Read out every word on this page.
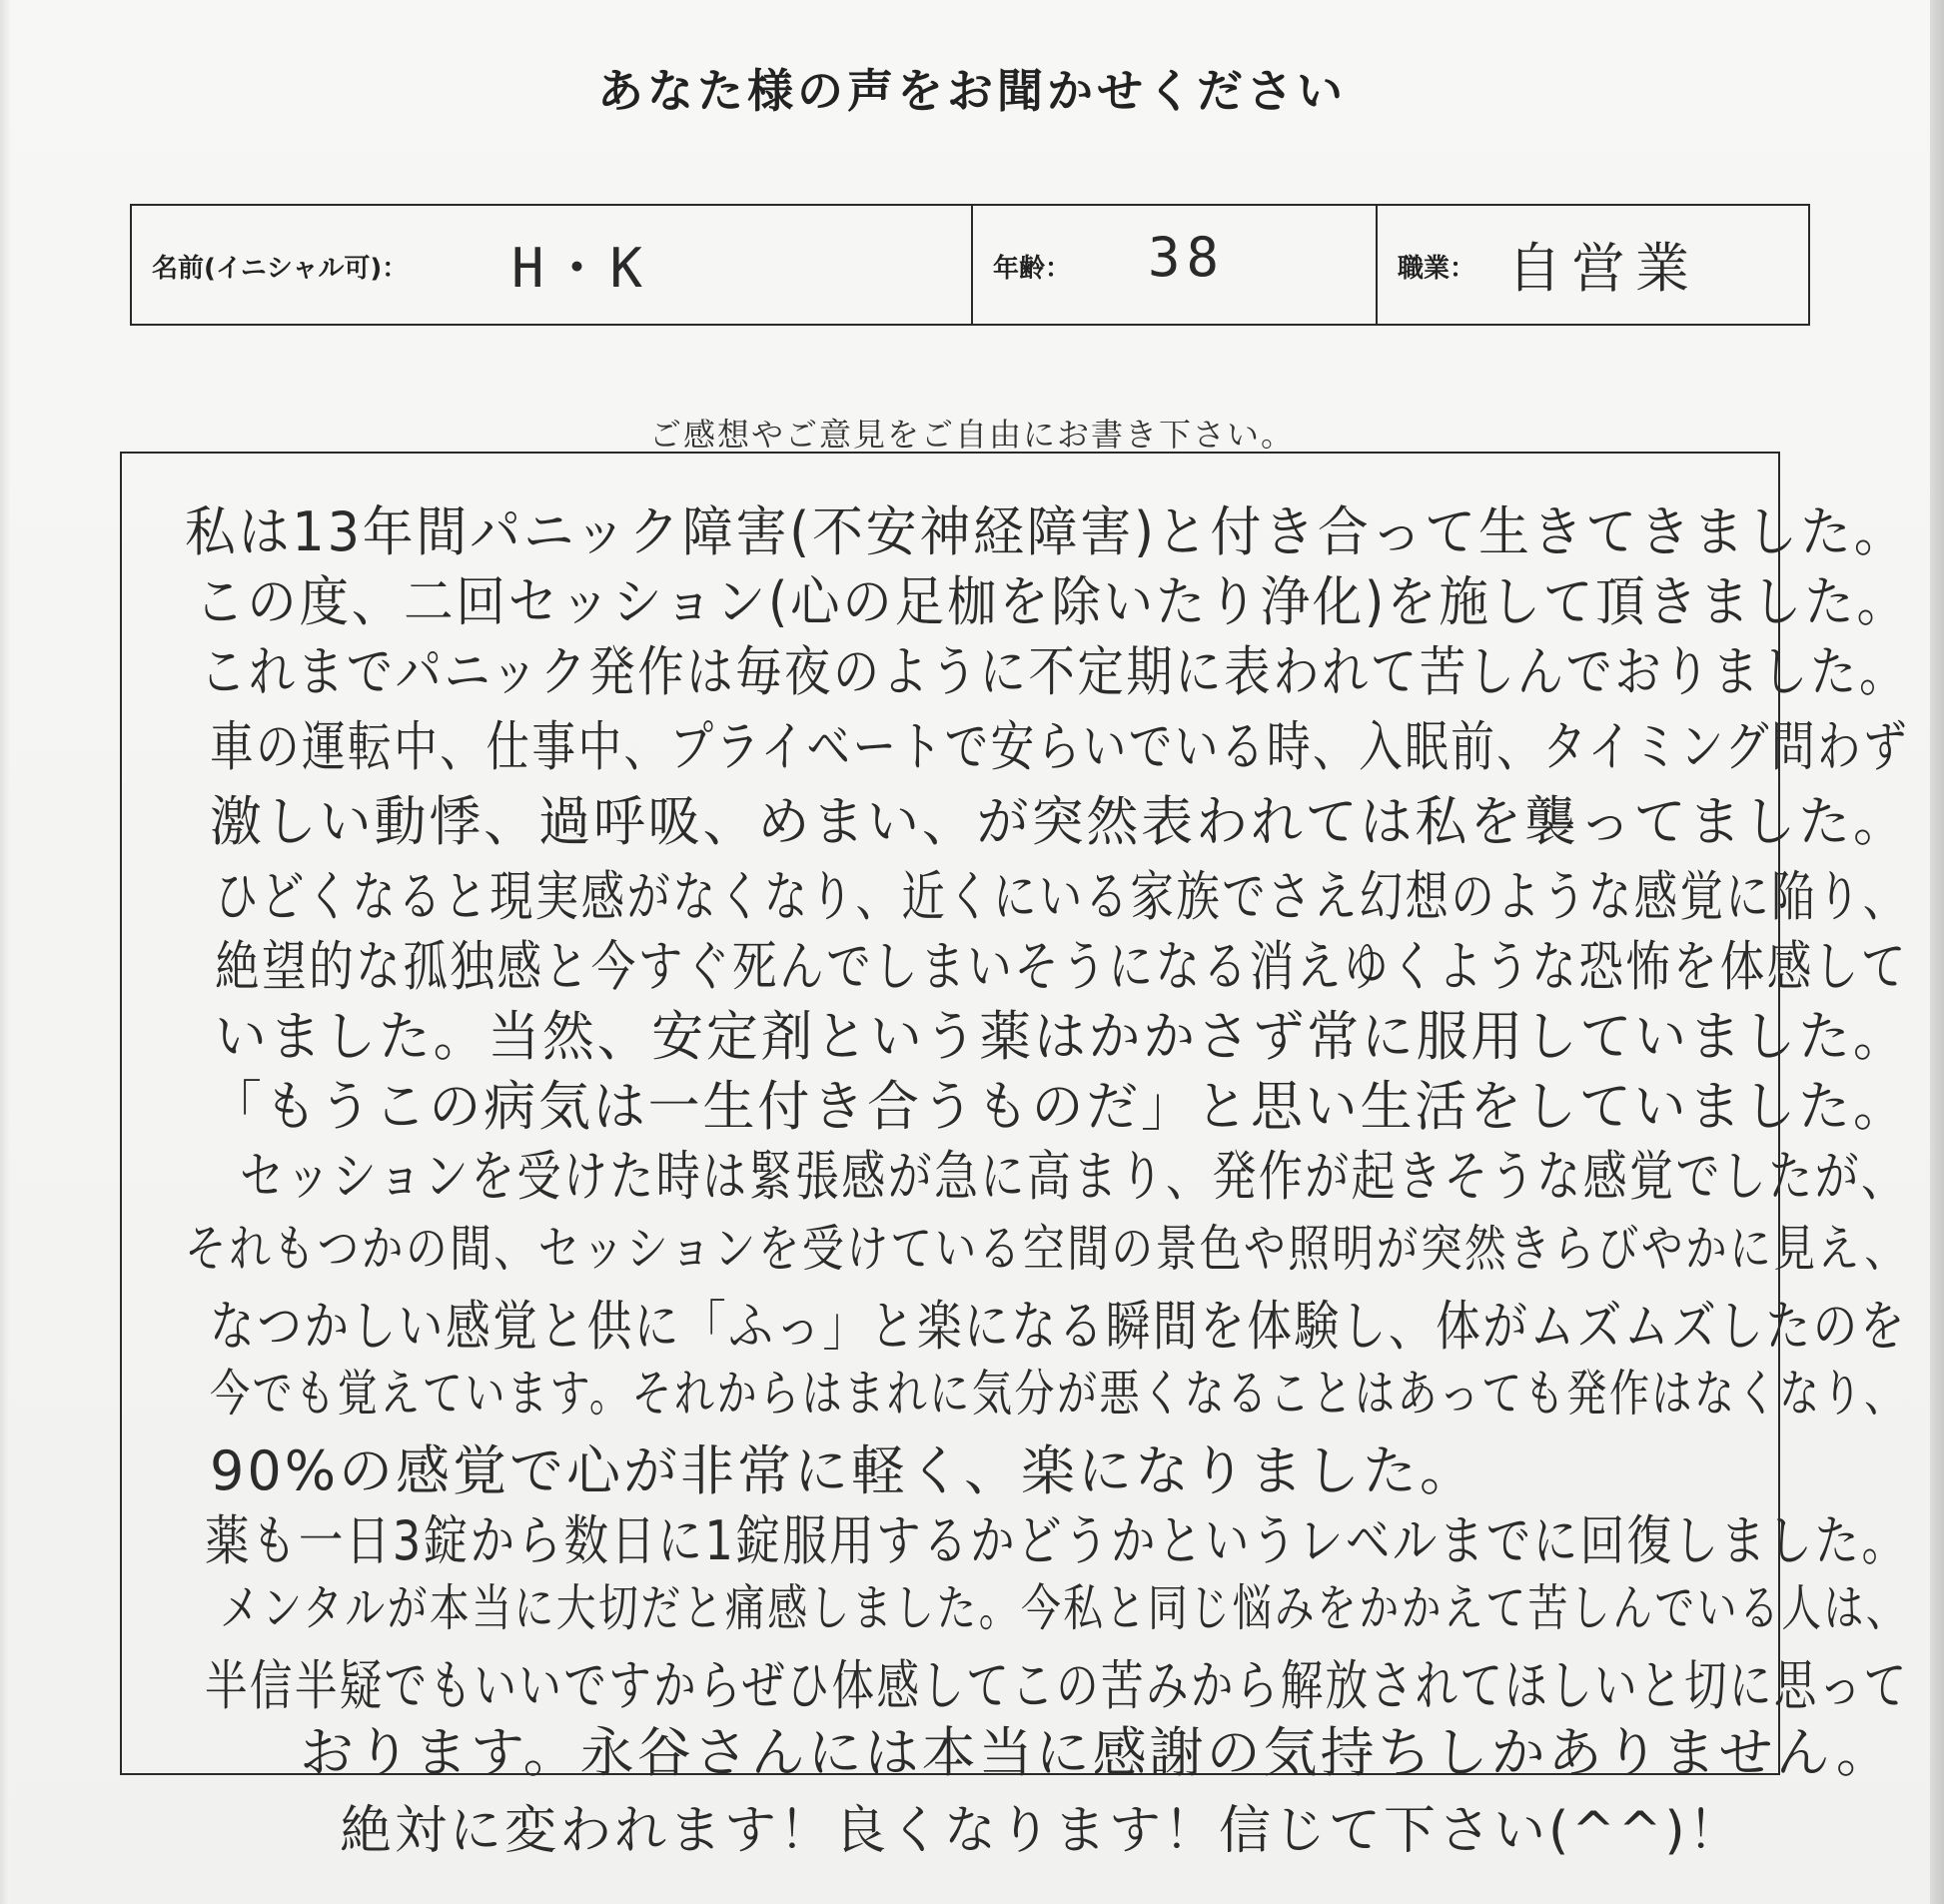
あなた様の声をお聞かせください
名前(イニシャル可)： H・K	年齢： 38	職業： 自営業
ご感想やご意見をご自由にお書き下さい。
私は13年間パニック障害(不安神経障害)と付き合って生きてきました。
この度、二回セッション(心の足枷を除いたり浄化)を施して頂きました。
これまでパニック発作は毎夜のように不定期に表われて苦しんでおりました。
車の運転中、仕事中、プライベートで安らいでいる時、入眠前、タイミング問わず
激しい動悸、過呼吸、めまい、が突然表われては私を襲ってました。
ひどくなると現実感がなくなり、近くにいる家族でさえ幻想のような感覚に陥り、
絶望的な孤独感と今すぐ死んでしまいそうになる消えゆくような恐怖を体感して
いました。当然、安定剤という薬はかかさず常に服用していました。
「もうこの病気は一生付き合うものだ」と思い生活をしていました。
セッションを受けた時は緊張感が急に高まり、発作が起きそうな感覚でしたが、
それもつかの間、セッションを受けている空間の景色や照明が突然きらびやかに見え、
なつかしい感覚と供に「ふっ」と楽になる瞬間を体験し、体がムズムズしたのを
今でも覚えています。それからはまれに気分が悪くなることはあっても発作はなくなり、
90%の感覚で心が非常に軽く、楽になりました。
薬も一日3錠から数日に1錠服用するかどうかというレベルまでに回復しました。
メンタルが本当に大切だと痛感しました。今私と同じ悩みをかかえて苦しんでいる人は、
半信半疑でもいいですからぜひ体感してこの苦みから解放されてほしいと切に思って
おります。永谷さんには本当に感謝の気持ちしかありません。
絶対に変われます！良くなります！信じて下さい(^^)！
